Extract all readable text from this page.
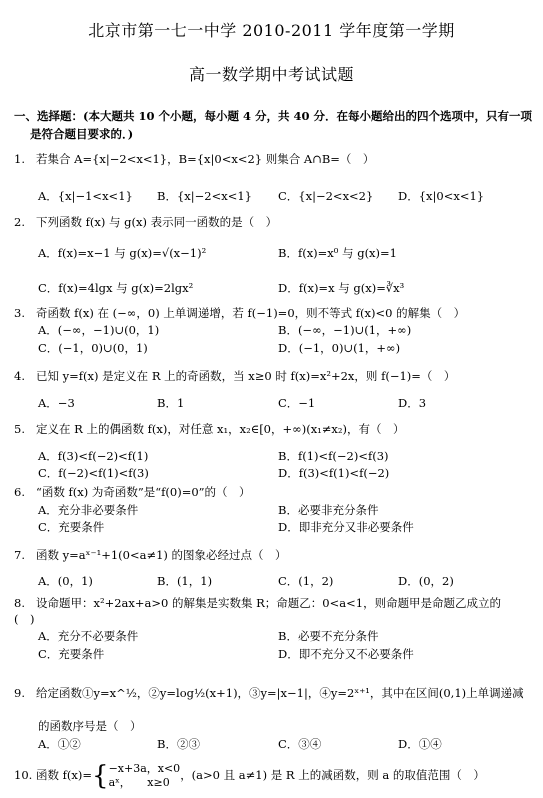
北京市第一七一中学 2010-2011 学年度第一学期
高一数学期中考试试题
一、选择题：(本大题共 10 个小题，每小题 4 分，共 40 分．在每小题给出的四个选项中，只有一项
是符合题目要求的．)
1. 若集合 A={x|−2<x<1}，B={x|0<x<2} 则集合 A∩B=（　）
A．{x|−1<x<1} B．{x|−2<x<1} C．{x|−2<x<2} D．{x|0<x<1}
2. 下列函数 f(x) 与 g(x) 表示同一函数的是（　）
A．f(x)=x−1 与 g(x)=√(x−1)²	B．f(x)=x⁰ 与 g(x)=1
C．f(x)=4lgx 与 g(x)=2lgx²	D．f(x)=x 与 g(x)=∛x³
3. 奇函数 f(x) 在 (−∞，0) 上单调递增，若 f(−1)=0，则不等式 f(x)<0 的解集（　）
A．(−∞，−1)∪(0，1)	B．(−∞，−1)∪(1，+∞)
C．(−1，0)∪(0，1)	D．(−1，0)∪(1，+∞)
4. 已知 y=f(x) 是定义在 R 上的奇函数，当 x≥0 时 f(x)=x²+2x，则 f(−1)=（　）
A．−3	B．1	C．−1	D．3
5. 定义在 R 上的偶函数 f(x)，对任意 x₁，x₂∈[0，+∞)(x₁≠x₂)，有（　）
A．f(3)<f(−2)<f(1)	B．f(1)<f(−2)<f(3)
C．f(−2)<f(1)<f(3)	D．f(3)<f(1)<f(−2)
6. “函数 f(x) 为奇函数”是“f(0)=0”的（　）
A．充分非必要条件	B．必要非充分条件
C．充要条件	D．即非充分又非必要条件
7. 函数 y=aˣ⁻¹+1(0<a≠1) 的图象必经过点（　）
A．(0，1)	B．(1，1)	C．(1，2)	D．(0，2)
8. 设命题甲：x²+2ax+a>0 的解集是实数集 R；命题乙：0<a<1，则命题甲是命题乙成立的
(　)
A．充分不必要条件	B．必要不充分条件
C．充要条件	D．即不充分又不必要条件
9. 给定函数①y=x^½，②y=log½(x+1)，③y=|x−1|，④y=2ˣ⁺¹，其中在区间(0,1)上单调递减
的函数序号是（　）
A．①②	B．②③	C．③④	D．①④
10. 函数 f(x)={ −x+3a，x<0
aˣ，　　x≥0
，(a>0 且 a≠1) 是 R 上的减函数，则 a 的取值范围（　）
